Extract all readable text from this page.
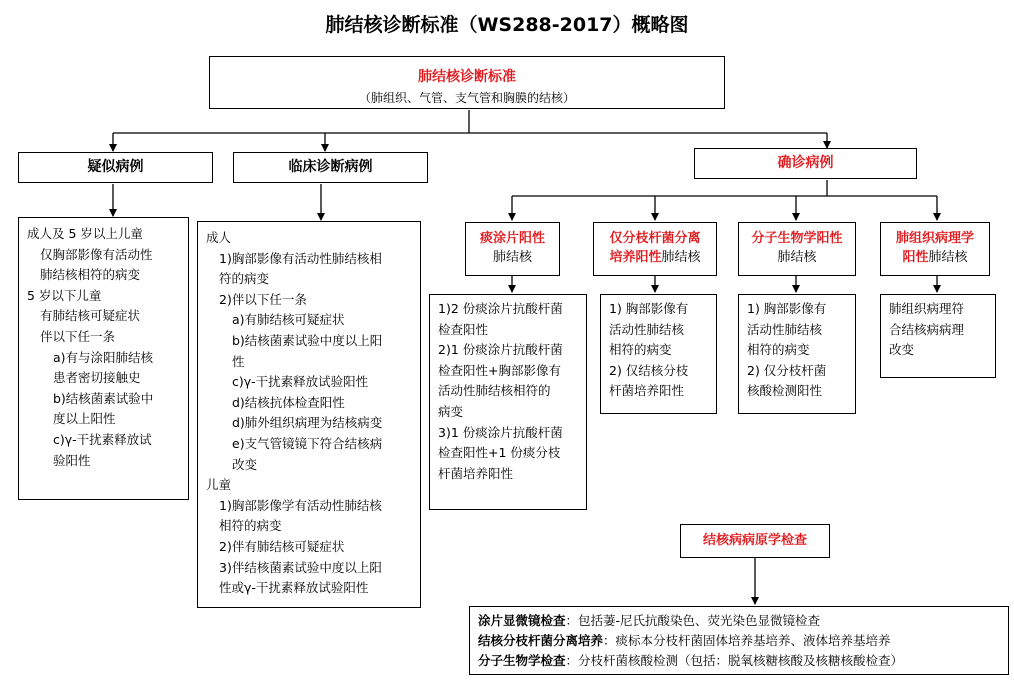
肺结核诊断标准（WS288-2017）概略图
肺结核诊断标准
（肺组织、气管、支气管和胸膜的结核）
疑似病例	临床诊断病例	确诊病例
成人及 5 岁以上儿童
仅胸部影像有活动性
肺结核相符的病变
5 岁以下儿童
有肺结核可疑症状
伴以下任一条
a)有与涂阳肺结核
患者密切接触史
b)结核菌素试验中
度以上阳性
c)γ-干扰素释放试
验阳性
成人
1)胸部影像有活动性肺结核相
符的病变
2)伴以下任一条
a)有肺结核可疑症状
b)结核菌素试验中度以上阳
性
c)γ-干扰素释放试验阳性
d)结核抗体检查阳性
d)肺外组织病理为结核病变
e)支气管镜镜下符合结核病
改变
儿童
1)胸部影像学有活动性肺结核
相符的病变
2)伴有肺结核可疑症状
3)伴结核菌素试验中度以上阳
性或γ-干扰素释放试验阳性
痰涂片阳性
肺结核
1)2 份痰涂片抗酸杆菌
检查阳性
2)1 份痰涂片抗酸杆菌
检查阳性+胸部影像有
活动性肺结核相符的
病变
3)1 份痰涂片抗酸杆菌
检查阳性+1 份痰分枝
杆菌培养阳性
仅分枝杆菌分离
培养阳性肺结核
1) 胸部影像有
活动性肺结核
相符的病变
2) 仅结核分枝
杆菌培养阳性
分子生物学阳性
肺结核
1) 胸部影像有
活动性肺结核
相符的病变
2) 仅分枝杆菌
核酸检测阳性
肺组织病理学
阳性肺结核
肺组织病理符
合结核病病理
改变
结核病病原学检查
涂片显微镜检查：包括萋-尼氏抗酸染色、荧光染色显微镜检查
结核分枝杆菌分离培养：痰标本分枝杆菌固体培养基培养、液体培养基培养
分子生物学检查：分枝杆菌核酸检测（包括：脱氧核糖核酸及核糖核酸检查）
